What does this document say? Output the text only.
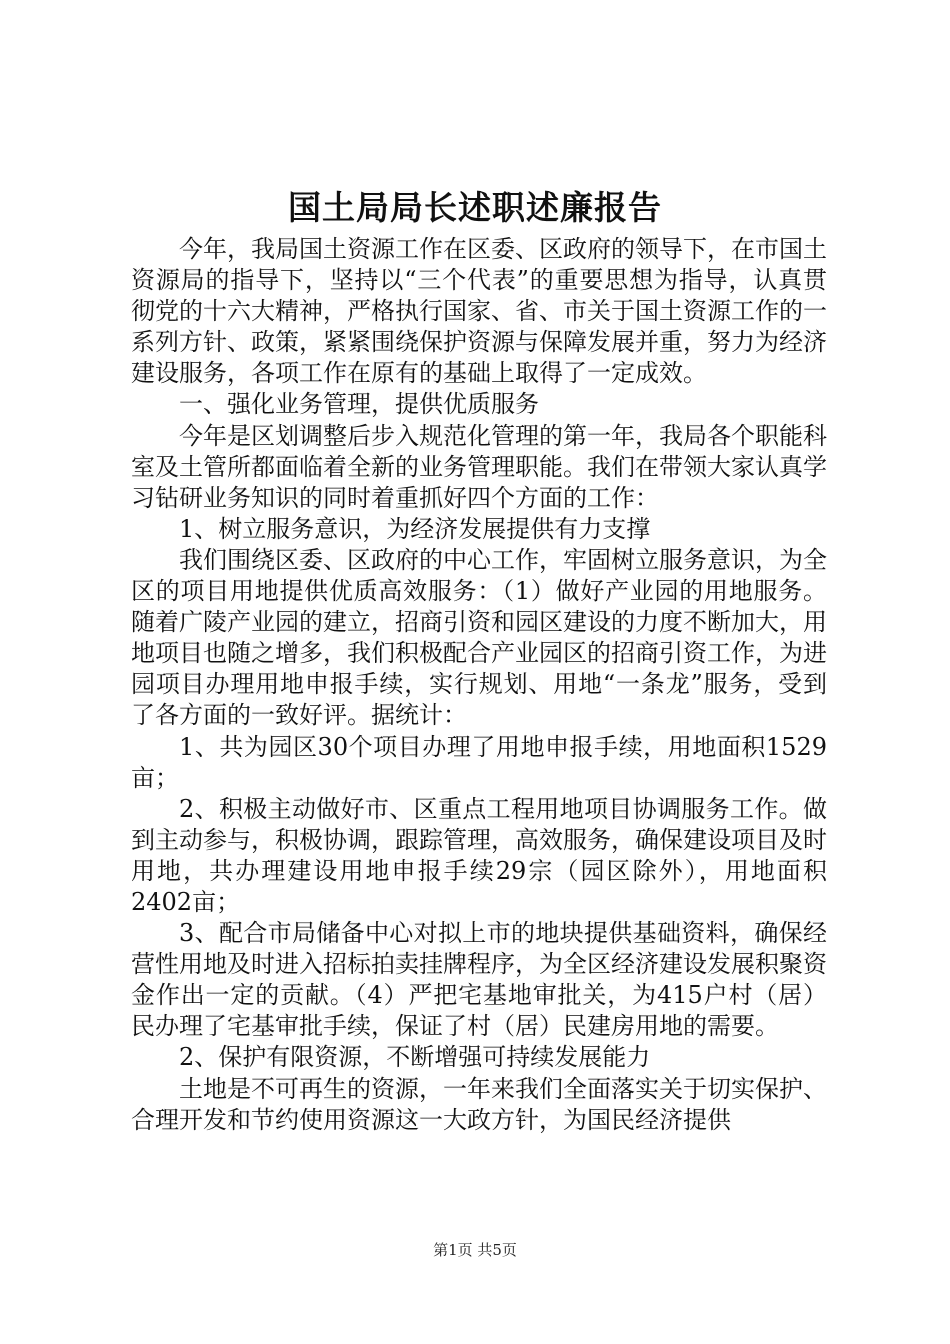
国土局局长述职述廉报告

今年，我局国土资源工作在区委、区政府的领导下，在市国土资源局的指导下，坚持以“三个代表”的重要思想为指导，认真贯彻党的十六大精神，严格执行国家、省、市关于国土资源工作的一系列方针、政策，紧紧围绕保护资源与保障发展并重，努力为经济建设服务，各项工作在原有的基础上取得了一定成效。

一、强化业务管理，提供优质服务

今年是区划调整后步入规范化管理的第一年，我局各个职能科室及土管所都面临着全新的业务管理职能。我们在带领大家认真学习钻研业务知识的同时着重抓好四个方面的工作：

1、树立服务意识，为经济发展提供有力支撑

我们围绕区委、区政府的中心工作，牢固树立服务意识，为全区的项目用地提供优质高效服务：（1）做好产业园的用地服务。随着广陵产业园的建立，招商引资和园区建设的力度不断加大，用地项目也随之增多，我们积极配合产业园区的招商引资工作，为进园项目办理用地申报手续，实行规划、用地“一条龙”服务，受到了各方面的一致好评。据统计：

1、共为园区30个项目办理了用地申报手续，用地面积1529亩；

2、积极主动做好市、区重点工程用地项目协调服务工作。做到主动参与，积极协调，跟踪管理，高效服务，确保建设项目及时用地，共办理建设用地申报手续29宗（园区除外），用地面积2402亩；

3、配合市局储备中心对拟上市的地块提供基础资料，确保经营性用地及时进入招标拍卖挂牌程序，为全区经济建设发展积聚资金作出一定的贡献。（4）严把宅基地审批关，为415户村（居）民办理了宅基审批手续，保证了村（居）民建房用地的需要。

2、保护有限资源，不断增强可持续发展能力

土地是不可再生的资源，一年来我们全面落实关于切实保护、合理开发和节约使用资源这一大政方针，为国民经济提供

第1页 共5页
